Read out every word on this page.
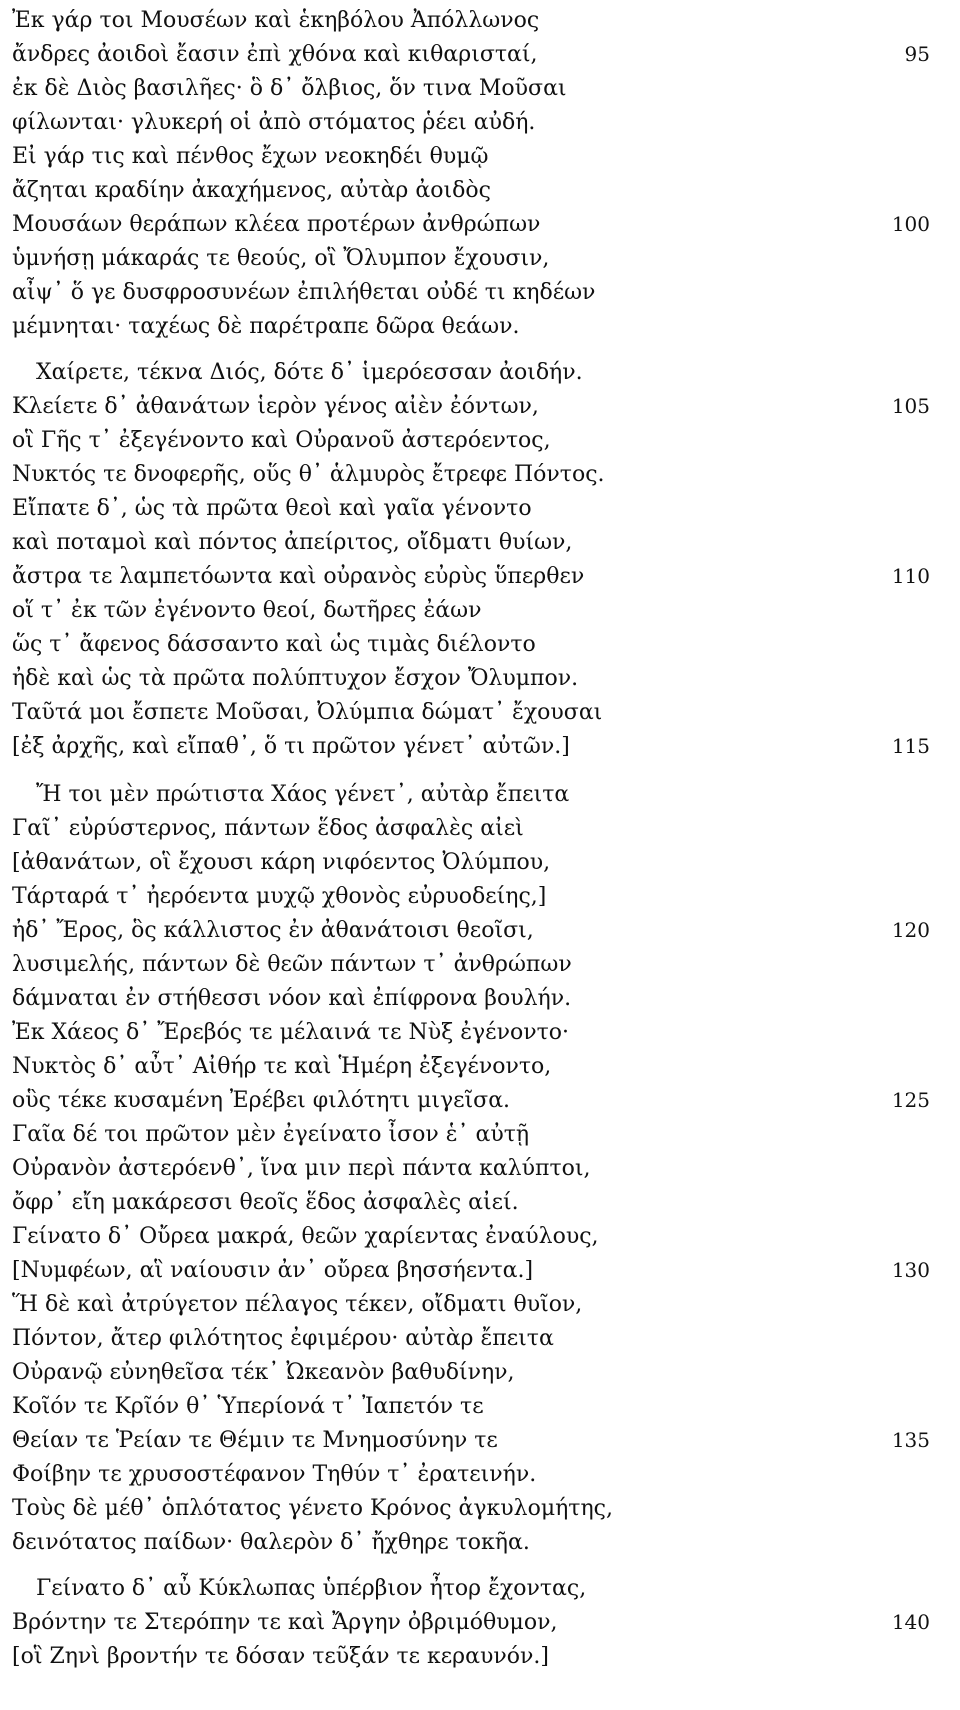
Ἐκ γάρ τοι Μουσέων καὶ ἑκηβόλου Ἀπόλλωνος
ἄνδρες ἀοιδοὶ ἔασιν ἐπὶ χθόνα καὶ κιθαρισταί,	95
ἐκ δὲ Διὸς βασιλῆες· ὃ δ᾽ ὄλβιος, ὅν τινα Μοῦσαι
φίλωνται· γλυκερή οἱ ἀπὸ στόματος ῥέει αὐδή.
Εἰ γάρ τις καὶ πένθος ἔχων νεοκηδέι θυμῷ
ἄζηται κραδίην ἀκαχήμενος, αὐτὰρ ἀοιδὸς
Μουσάων θεράπων κλέεα προτέρων ἀνθρώπων	100
ὑμνήσῃ μάκαράς τε θεούς, οἳ Ὄλυμπον ἔχουσιν,
αἶψ᾽ ὅ γε δυσφροσυνέων ἐπιλήθεται οὐδέ τι κηδέων
μέμνηται· ταχέως δὲ παρέτραπε δῶρα θεάων.
Χαίρετε, τέκνα Διός, δότε δ᾽ ἱμερόεσσαν ἀοιδήν.
Κλείετε δ᾽ ἀθανάτων ἱερὸν γένος αἰὲν ἐόντων,	105
οἳ Γῆς τ᾽ ἐξεγένοντο καὶ Οὐρανοῦ ἀστερόεντος,
Νυκτός τε δνοφερῆς, οὕς θ᾽ ἁλμυρὸς ἔτρεφε Πόντος.
Εἴπατε δ᾽, ὡς τὰ πρῶτα θεοὶ καὶ γαῖα γένοντο
καὶ ποταμοὶ καὶ πόντος ἀπείριτος, οἴδματι θυίων,
ἄστρα τε λαμπετόωντα καὶ οὐρανὸς εὐρὺς ὕπερθεν	110
οἵ τ᾽ ἐκ τῶν ἐγένοντο θεοί, δωτῆρες ἐάων
ὥς τ᾽ ἄφενος δάσσαντο καὶ ὡς τιμὰς διέλοντο
ἠδὲ καὶ ὡς τὰ πρῶτα πολύπτυχον ἔσχον Ὄλυμπον.
Ταῦτά μοι ἔσπετε Μοῦσαι, Ὀλύμπια δώματ᾽ ἔχουσαι
[ἐξ ἀρχῆς, καὶ εἴπαθ᾽, ὅ τι πρῶτον γένετ᾽ αὐτῶν.]	115
Ἤ τοι μὲν πρώτιστα Χάος γένετ᾽, αὐτὰρ ἔπειτα
Γαῖ᾽ εὐρύστερνος, πάντων ἕδος ἀσφαλὲς αἰεὶ
[ἀθανάτων, οἳ ἔχουσι κάρη νιφόεντος Ὀλύμπου,
Τάρταρά τ᾽ ἠερόεντα μυχῷ χθονὸς εὐρυοδείης,]
ἠδ᾽ Ἔρος, ὃς κάλλιστος ἐν ἀθανάτοισι θεοῖσι,	120
λυσιμελής, πάντων δὲ θεῶν πάντων τ᾽ ἀνθρώπων
δάμναται ἐν στήθεσσι νόον καὶ ἐπίφρονα βουλήν.
Ἐκ Χάεος δ᾽ Ἔρεβός τε μέλαινά τε Νὺξ ἐγένοντο·
Νυκτὸς δ᾽ αὖτ᾽ Αἰθήρ τε καὶ Ἡμέρη ἐξεγένοντο,
οὓς τέκε κυσαμένη Ἐρέβει φιλότητι μιγεῖσα.	125
Γαῖα δέ τοι πρῶτον μὲν ἐγείνατο ἶσον ἑ᾽ αὐτῇ
Οὐρανὸν ἀστερόενθ᾽, ἵνα μιν περὶ πάντα καλύπτοι,
ὄφρ᾽ εἴη μακάρεσσι θεοῖς ἕδος ἀσφαλὲς αἰεί.
Γείνατο δ᾽ Οὔρεα μακρά, θεῶν χαρίεντας ἐναύλους,
[Νυμφέων, αἳ ναίουσιν ἀν᾽ οὔρεα βησσήεντα.]	130
Ἥ δὲ καὶ ἀτρύγετον πέλαγος τέκεν, οἴδματι θυῖον,
Πόντον, ἄτερ φιλότητος ἐφιμέρου· αὐτὰρ ἔπειτα
Οὐρανῷ εὐνηθεῖσα τέκ᾽ Ὠκεανὸν βαθυδίνην,
Κοῖόν τε Κρῖόν θ᾽ Ὑπερίονά τ᾽ Ἰαπετόν τε
Θείαν τε Ῥείαν τε Θέμιν τε Μνημοσύνην τε	135
Φοίβην τε χρυσοστέφανον Τηθύν τ᾽ ἐρατεινήν.
Τοὺς δὲ μέθ᾽ ὁπλότατος γένετο Κρόνος ἀγκυλομήτης,
δεινότατος παίδων· θαλερὸν δ᾽ ἤχθηρε τοκῆα.
Γείνατο δ᾽ αὖ Κύκλωπας ὑπέρβιον ἦτορ ἔχοντας,
Βρόντην τε Στερόπην τε καὶ Ἄργην ὀβριμόθυμον,	140
[οἳ Ζηνὶ βροντήν τε δόσαν τεῦξάν τε κεραυνόν.]
